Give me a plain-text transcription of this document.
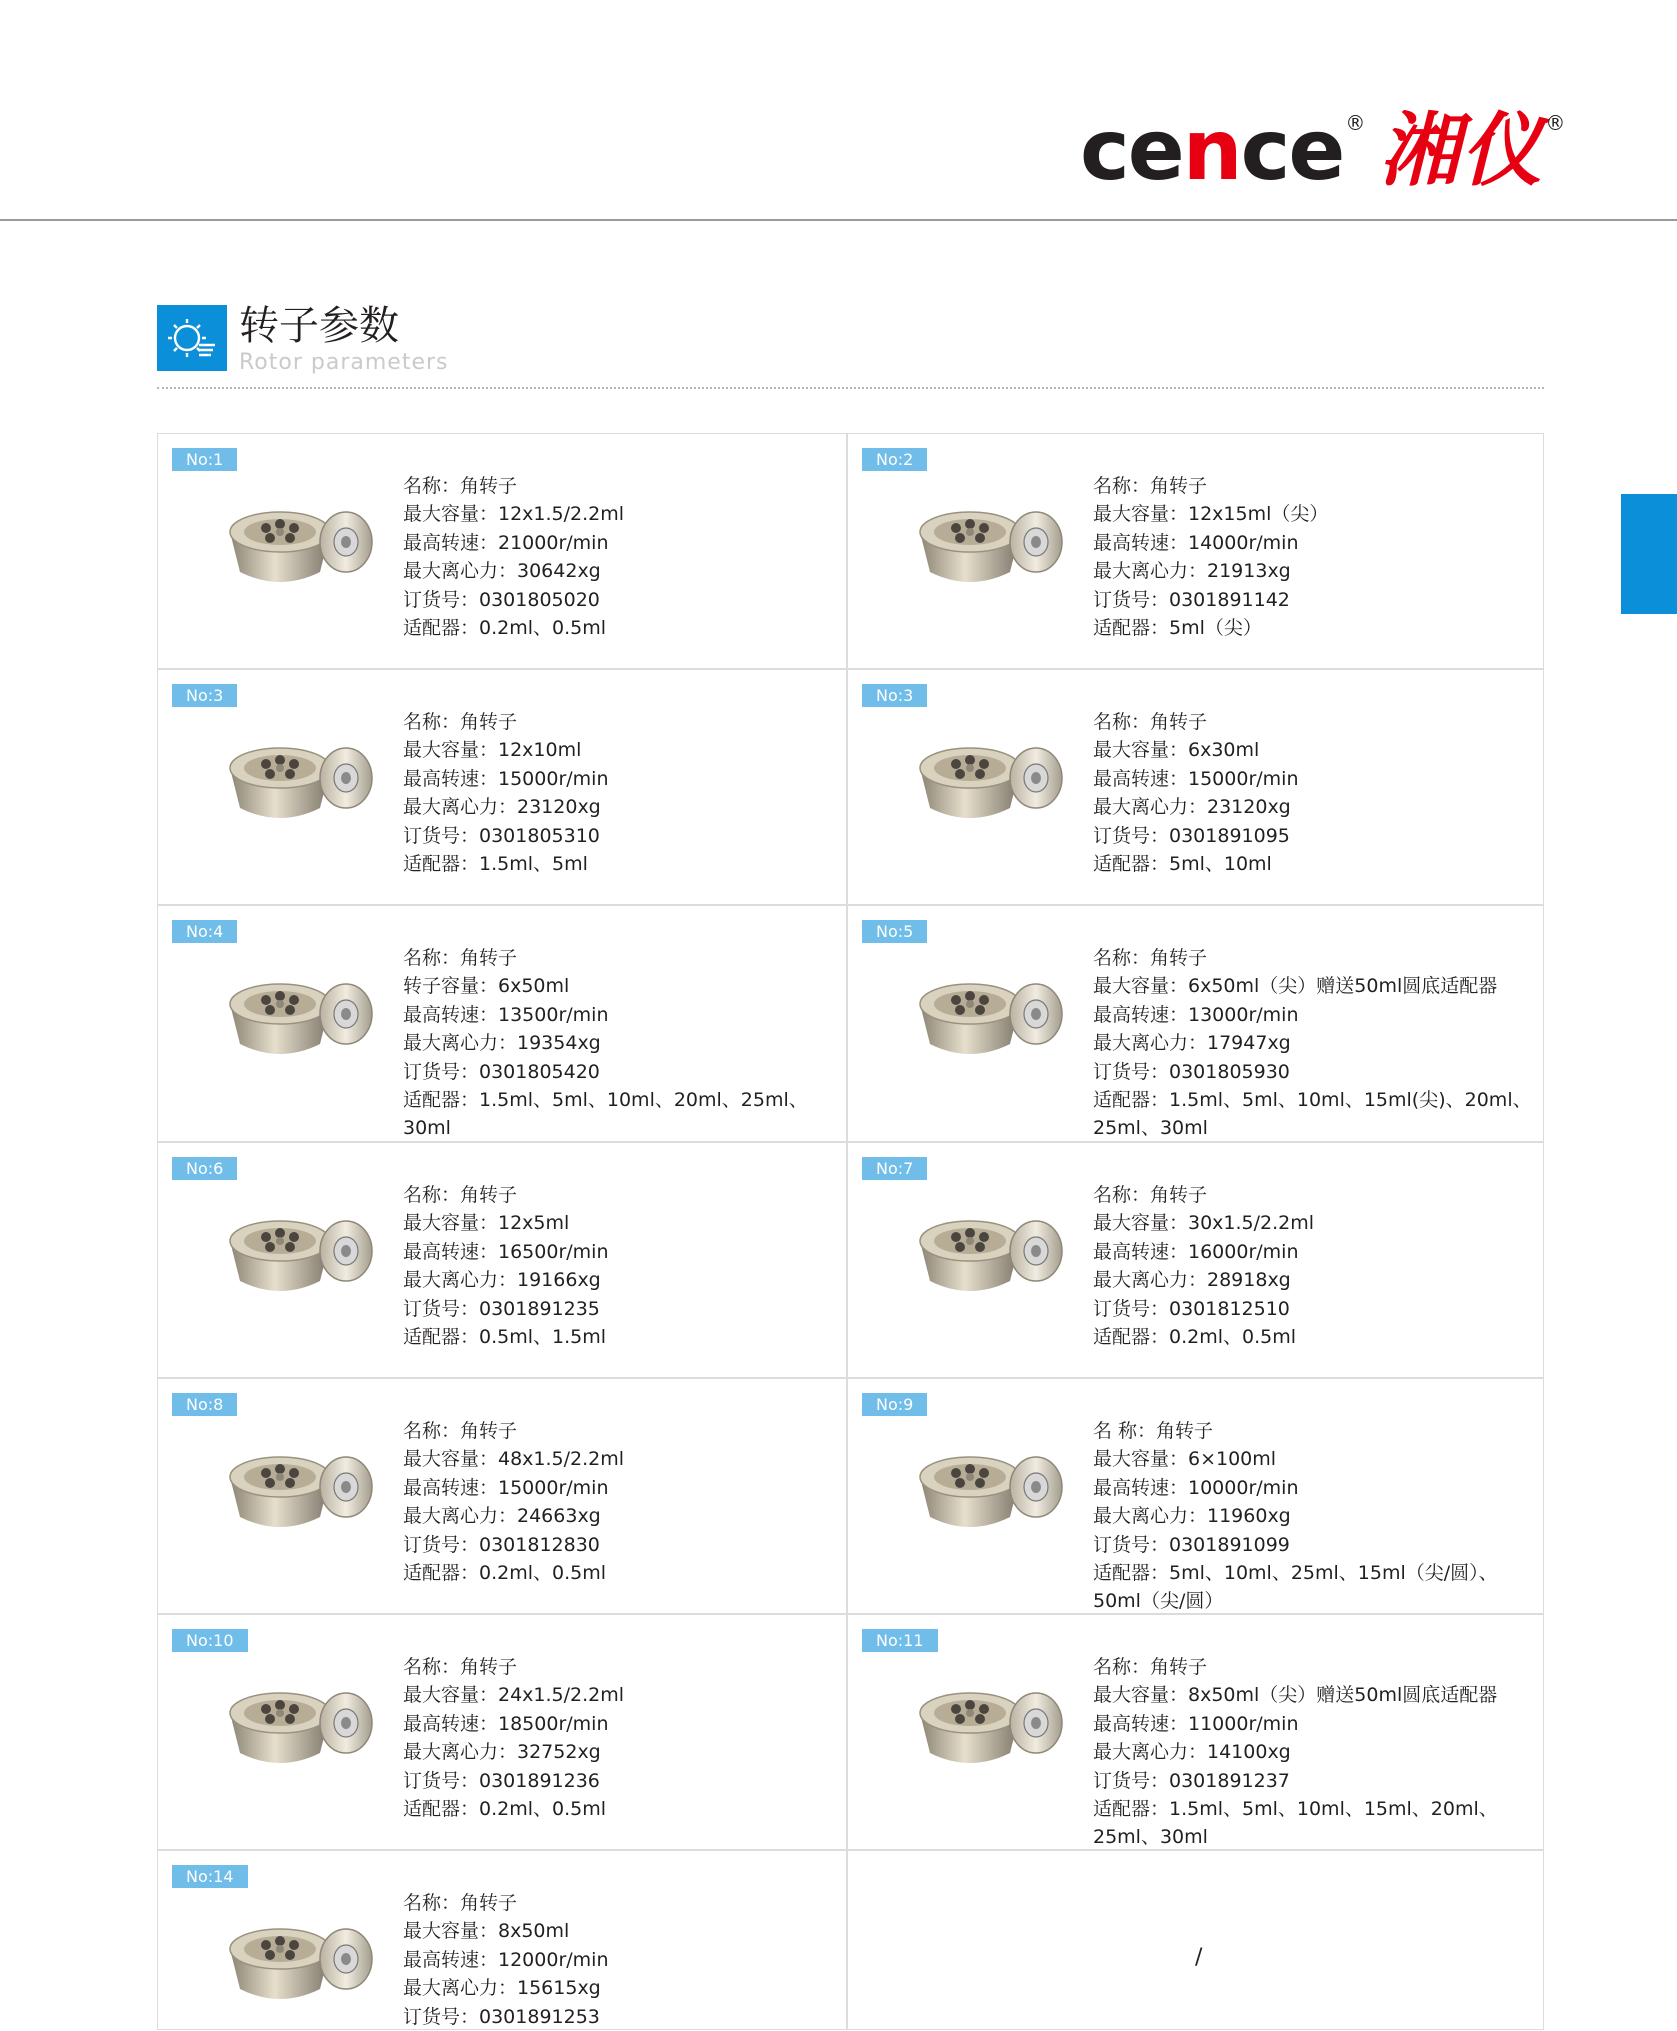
cence ® 湘仪 ®
转子参数
Rotor parameters
No:1
名称：角转子
最大容量：12x1.5/2.2ml
最高转速：21000r/min
最大离心力：30642xg
订货号：0301805020
适配器：0.2ml、0.5ml
No:2
名称：角转子
最大容量：12x15ml（尖）
最高转速：14000r/min
最大离心力：21913xg
订货号：0301891142
适配器：5ml（尖）
No:3
名称：角转子
最大容量：12x10ml
最高转速：15000r/min
最大离心力：23120xg
订货号：0301805310
适配器：1.5ml、5ml
No:3
名称：角转子
最大容量：6x30ml
最高转速：15000r/min
最大离心力：23120xg
订货号：0301891095
适配器：5ml、10ml
No:4
名称：角转子
转子容量：6x50ml
最高转速：13500r/min
最大离心力：19354xg
订货号：0301805420
适配器：1.5ml、5ml、10ml、20ml、25ml、30ml
No:5
名称：角转子
最大容量：6x50ml（尖）赠送50ml圆底适配器
最高转速：13000r/min
最大离心力：17947xg
订货号：0301805930
适配器：1.5ml、5ml、10ml、15ml(尖)、20ml、25ml、30ml
No:6
名称：角转子
最大容量：12x5ml
最高转速：16500r/min
最大离心力：19166xg
订货号：0301891235
适配器：0.5ml、1.5ml
No:7
名称：角转子
最大容量：30x1.5/2.2ml
最高转速：16000r/min
最大离心力：28918xg
订货号：0301812510
适配器：0.2ml、0.5ml
No:8
名称：角转子
最大容量：48x1.5/2.2ml
最高转速：15000r/min
最大离心力：24663xg
订货号：0301812830
适配器：0.2ml、0.5ml
No:9
名 称：角转子
最大容量：6×100ml
最高转速：10000r/min
最大离心力：11960xg
订货号：0301891099
适配器：5ml、10ml、25ml、15ml（尖/圆）、50ml（尖/圆）
No:10
名称：角转子
最大容量：24x1.5/2.2ml
最高转速：18500r/min
最大离心力：32752xg
订货号：0301891236
适配器：0.2ml、0.5ml
No:11
名称：角转子
最大容量：8x50ml（尖）赠送50ml圆底适配器
最高转速：11000r/min
最大离心力：14100xg
订货号：0301891237
适配器：1.5ml、5ml、10ml、15ml、20ml、25ml、30ml
No:14
名称：角转子
最大容量：8x50ml
最高转速：12000r/min
最大离心力：15615xg
订货号：0301891253
/
